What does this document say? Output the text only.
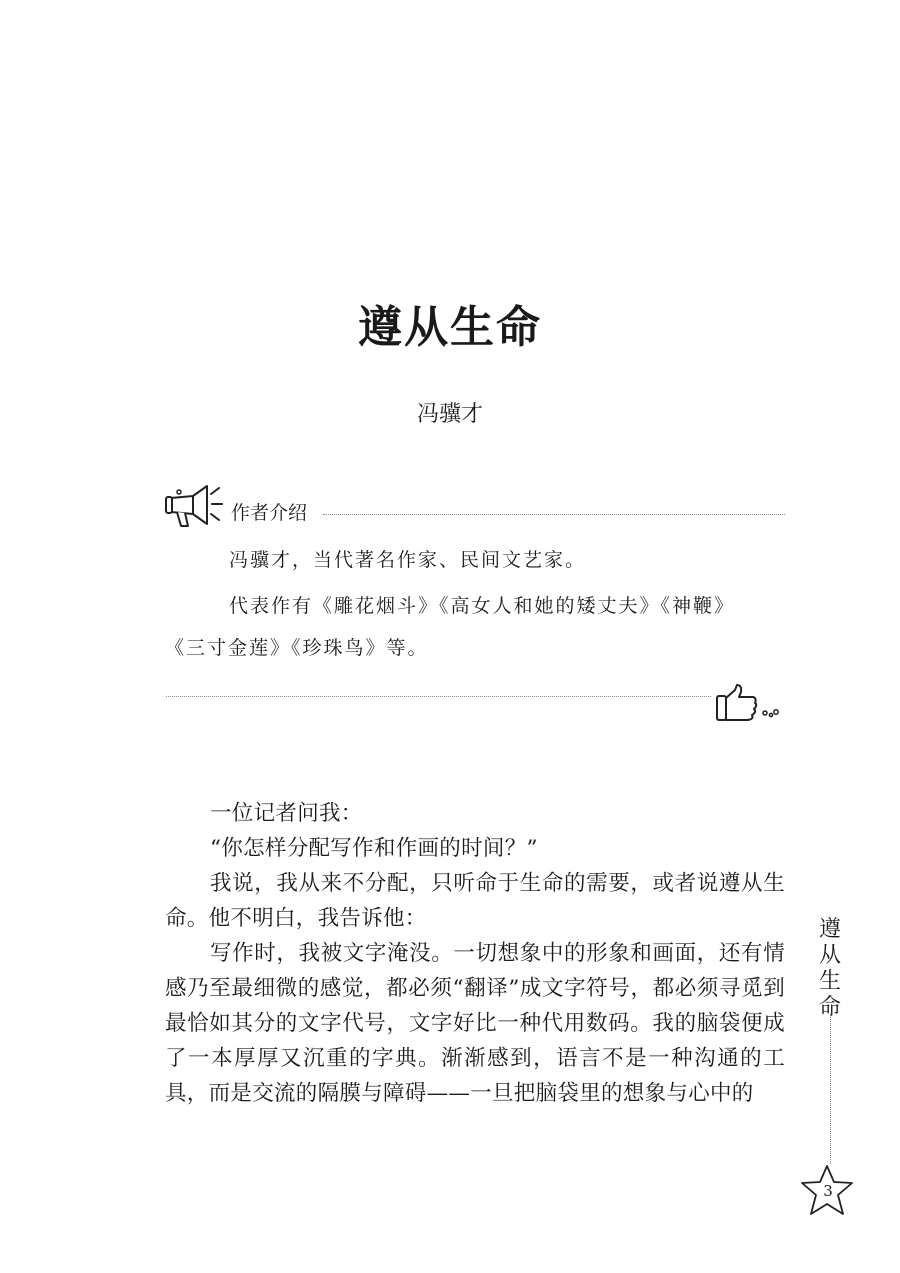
遵从生命
冯骥才
作者介绍
冯骥才，当代著名作家、民间文艺家。
代表作有《雕花烟斗》《高女人和她的矮丈夫》《神鞭》
《三寸金莲》《珍珠鸟》等。

一位记者问我：

“你怎样分配写作和作画的时间？”

我说，我从来不分配，只听命于生命的需要，或者说遵从生命。他不明白，我告诉他：

写作时，我被文字淹没。一切想象中的形象和画面，还有情感乃至最细微的感觉，都必须“翻译”成文字符号，都必须寻觅到最恰如其分的文字代号，文字好比一种代用数码。我的脑袋便成了一本厚厚又沉重的字典。渐渐感到，语言不是一种沟通的工具，而是交流的隔膜与障碍——一旦把脑袋里的想象与心中的

遵
从
生
命
3
